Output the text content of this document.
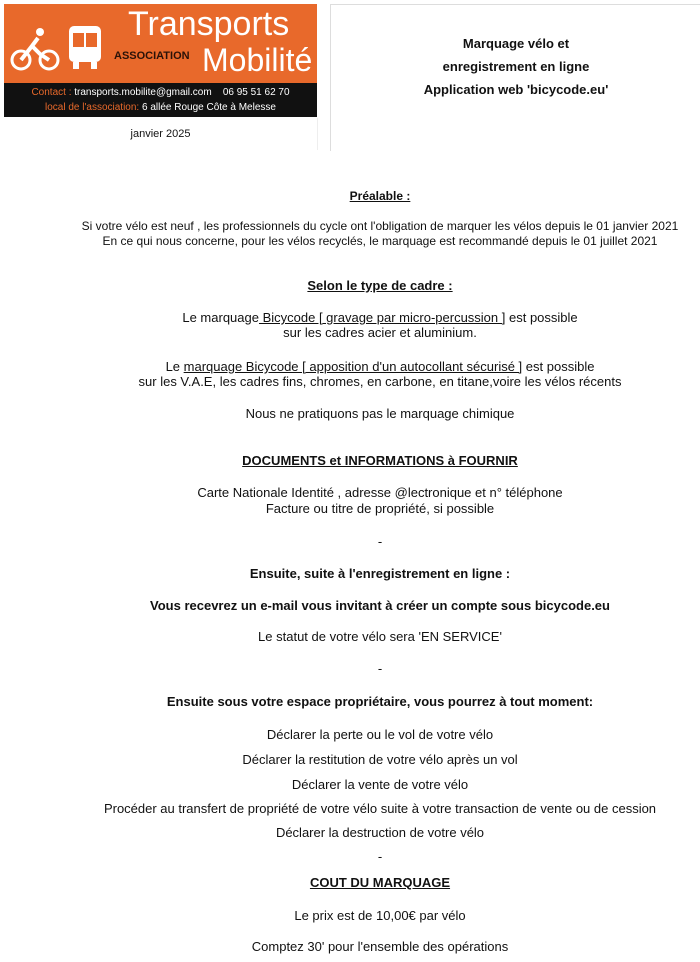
Transports
ASSOCIATION Mobilité
Contact : transports.mobilite@gmail.com 06 95 51 62 70
local de l'association: 6 allée Rouge Côte à Melesse
janvier 2025
Marquage vélo et
enregistrement en ligne
Application web 'bicycode.eu'
Préalable :
Si votre vélo est neuf , les professionnels du cycle ont l'obligation de marquer les vélos depuis le 01 janvier 2021
En ce qui nous concerne, pour les vélos recyclés, le marquage est recommandé depuis le 01 juillet 2021
Selon le type de cadre :
Le marquage Bicycode [ gravage par micro-percussion ] est possible
sur les cadres acier et aluminium.
Le marquage Bicycode [ apposition d'un autocollant sécurisé ] est possible
sur les V.A.E, les cadres fins, chromes, en carbone, en titane,voire les vélos récents
Nous ne pratiquons pas le marquage chimique
DOCUMENTS et INFORMATIONS à FOURNIR
Carte Nationale Identité , adresse @lectronique et n° téléphone
Facture ou titre de propriété, si possible
-
Ensuite, suite à l'enregistrement en ligne :
Vous recevrez un e-mail vous invitant à créer un compte sous bicycode.eu
Le statut de votre vélo sera 'EN SERVICE'
-
Ensuite sous votre espace propriétaire, vous pourrez à tout moment:
Déclarer la perte ou le vol de votre vélo
Déclarer la restitution de votre vélo après un vol
Déclarer la vente de votre vélo
Procéder au transfert de propriété de votre vélo suite à votre transaction de vente ou de cession
Déclarer la destruction de votre vélo
-
COUT DU MARQUAGE
Le prix est de 10,00€ par vélo
Comptez 30' pour l'ensemble des opérations
